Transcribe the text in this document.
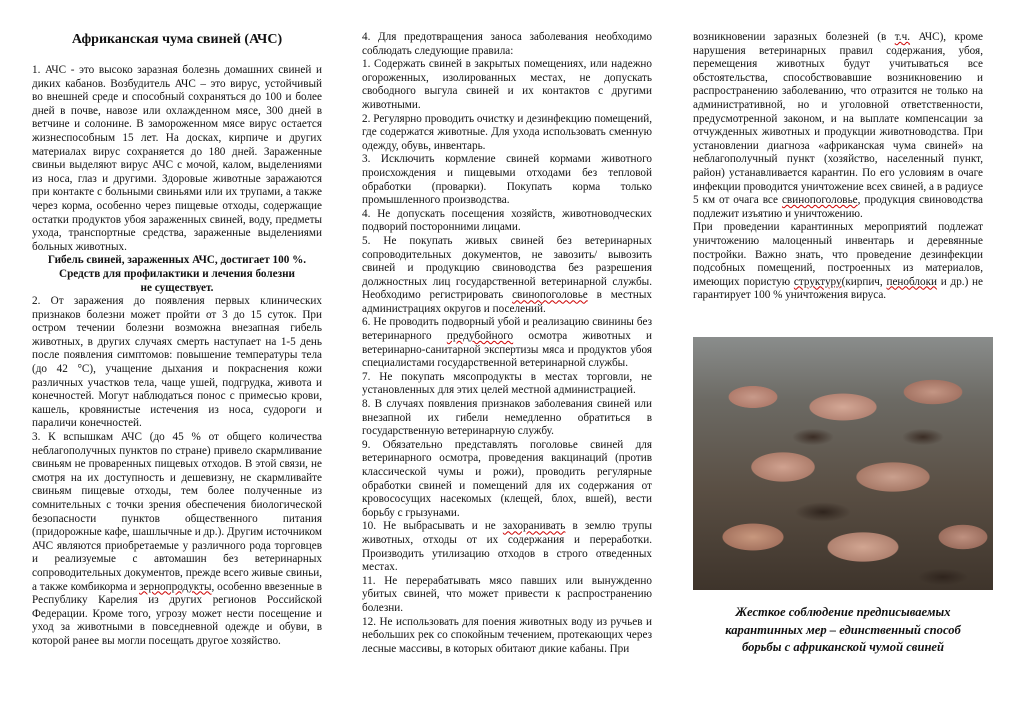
Африканская чума свиней (АЧС)

1. АЧС - это высоко заразная болезнь домашних свиней и диких кабанов. Возбудитель АЧС – это вирус, устойчивый во внешней среде и способный сохраняться до 100 и более дней в почве, навозе или охлажденном мясе, 300 дней в ветчине и солонине. В замороженном мясе вирус остается жизнеспособным 15 лет. На досках, кирпиче и других материалах вирус сохраняется до 180 дней. Зараженные свиньи выделяют вирус АЧС с мочой, калом, выделениями из носа, глаз и другими. Здоровые животные заражаются при контакте с больными свиньями или их трупами, а также через корма, особенно через пищевые отходы, содержащие остатки продуктов убоя зараженных свиней, воду, предметы ухода, транспортные средства, зараженные выделениями больных животных.

Гибель свиней, зараженных АЧС, достигает 100 %.

Средств для профилактики и лечения болезни

не существует.

2. От заражения до появления первых клинических признаков болезни может пройти от 3 до 15 суток. При остром течении болезни возможна внезапная гибель животных, в других случаях смерть наступает на 1-5 день после появления симптомов: повышение температуры тела (до 42 °С), учащение дыхания и покраснения кожи различных участков тела, чаще ушей, подгрудка, живота и конечностей. Могут наблюдаться понос с примесью крови, кашель, кровянистые истечения из носа, судороги и параличи конечностей.

3. К вспышкам АЧС (до 45 % от общего количества неблагополучных пунктов по стране) привело скармливание свиньям не проваренных пищевых отходов. В этой связи, не смотря на их доступность и дешевизну, не скармливайте свиньям пищевые отходы, тем более полученные из сомнительных с точки зрения обеспечения биологической безопасности пунктов общественного питания (придорожные кафе, шашлычные и др.). Другим источником АЧС являются приобретаемые у различного рода торговцев и реализуемые с автомашин без ветеринарных сопроводительных документов, прежде всего живые свиньи, а также комбикорма и зернопродукты, особенно ввезенные в Республику Карелия из других регионов Российской Федерации. Кроме того, угрозу может нести посещение и уход за животными в повседневной одежде и обуви, в которой ранее вы могли посещать другое хозяйство.

4. Для предотвращения заноса заболевания необходимо соблюдать следующие правила:

1. Содержать свиней в закрытых помещениях, или надежно огороженных, изолированных местах, не допускать свободного выгула свиней и их контактов с другими животными.

2. Регулярно проводить очистку и дезинфекцию помещений, где содержатся животные. Для ухода использовать сменную одежду, обувь, инвентарь.

3. Исключить кормление свиней кормами животного происхождения и пищевыми отходами без тепловой обработки (проварки). Покупать корма только промышленного производства.

4. Не допускать посещения хозяйств, животноводческих подворий посторонними лицами.

5. Не покупать живых свиней без ветеринарных сопроводительных документов, не завозить/ вывозить свиней и продукцию свиноводства без разрешения должностных лиц государственной ветеринарной службы. Необходимо регистрировать свинопоголовье в местных администрациях округов и поселений.

6. Не проводить подворный убой и реализацию свинины без ветеринарного предубойного осмотра животных и ветеринарно-санитарной экспертизы мяса и продуктов убоя специалистами государственной ветеринарной службы.

7. Не покупать мясопродукты в местах торговли, не установленных для этих целей местной администрацией.

8. В случаях появления признаков заболевания свиней или внезапной их гибели немедленно обратиться в государственную ветеринарную службу.

9. Обязательно представлять поголовье свиней для ветеринарного осмотра, проведения вакцинаций (против классической чумы и рожи), проводить регулярные обработки свиней и помещений для их содержания от кровососущих насекомых (клещей, блох, вшей), вести борьбу с грызунами.

10. Не выбрасывать и не захоранивать в землю трупы животных, отходы от их содержания и переработки. Производить утилизацию отходов в строго отведенных местах.

11. Не перерабатывать мясо павших или вынужденно убитых свиней, что может привести к распространению болезни.

12. Не использовать для поения животных воду из ручьев и небольших рек со спокойным течением, протекающих через лесные массивы, в которых обитают дикие кабаны. При

возникновении заразных болезней (в т.ч. АЧС), кроме нарушения ветеринарных правил содержания, убоя, перемещения животных будут учитываться все обстоятельства, способствовавшие возникновению и распространению заболеванию, что отразится не только на административной, но и уголовной ответственности, предусмотренной законом, и на выплате компенсации за отчужденных животных и продукции животноводства. При установлении диагноза «африканская чума свиней» на неблагополучный пункт (хозяйство, населенный пункт, район) устанавливается карантин. По его условиям в очаге инфекции проводится уничтожение всех свиней, а в радиусе 5 км от очага все свинопоголовье, продукция свиноводства подлежит изъятию и уничтожению.

При проведении карантинных мероприятий подлежат уничтожению малоценный инвентарь и деревянные постройки. Важно знать, что проведение дезинфекции подсобных помещений, построенных из материалов, имеющих пористую структуру(кирпич, пеноблоки и др.) не гарантирует 100 % уничтожения вируса.

Жесткое соблюдение предписываемых карантинных мер – единственный способ борьбы с африканской чумой свиней
